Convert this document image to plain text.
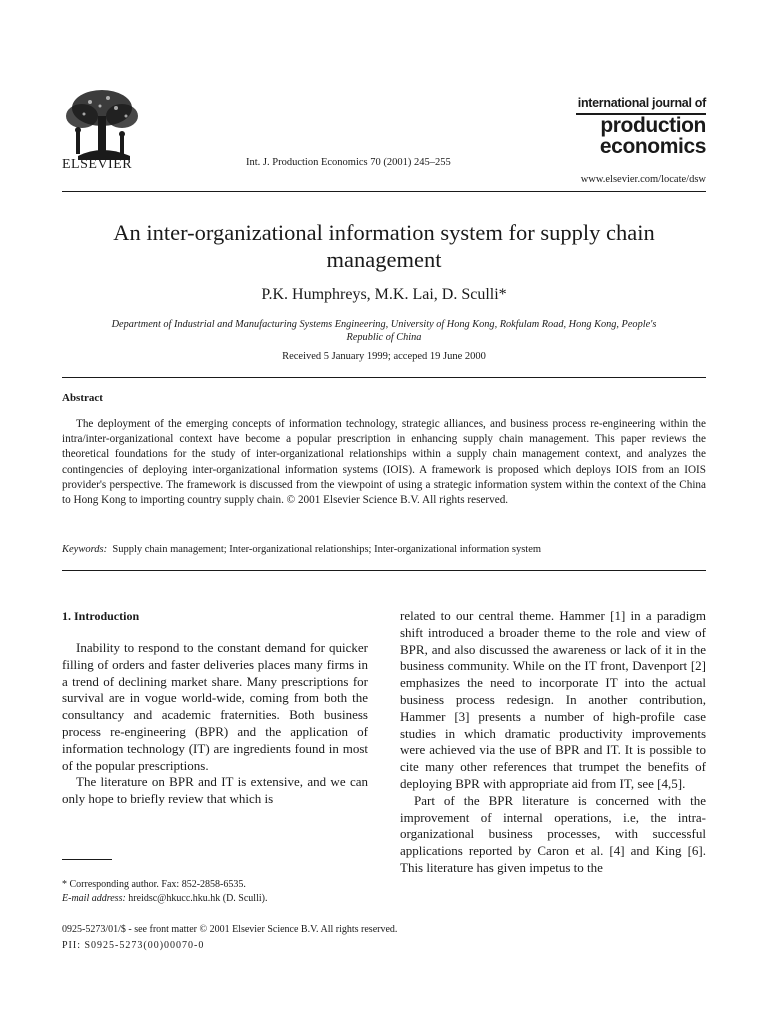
ELSEVIER	Int. J. Production Economics 70 (2001) 245–255
international journal of
production
economics
www.elsevier.com/locate/dsw
An inter-organizational information system for supply chain management
P.K. Humphreys, M.K. Lai, D. Sculli*
Department of Industrial and Manufacturing Systems Engineering, University of Hong Kong, Rokfulam Road, Hong Kong, People's Republic of China
Received 5 January 1999; acceped 19 June 2000
Abstract
The deployment of the emerging concepts of information technology, strategic alliances, and business process re-engineering within the intra/inter-organizational context have become a popular prescription in enhancing supply chain management. This paper reviews the theoretical foundations for the study of inter-organizational relationships within a supply chain management context, and analyzes the contingencies of deploying inter-organizational information systems (IOIS). A framework is proposed which deploys IOIS from an IOIS provider's perspective. The framework is discussed from the viewpoint of using a strategic information system within the context of the China to Hong Kong to importing country supply chain. © 2001 Elsevier Science B.V. All rights reserved.
Keywords: Supply chain management; Inter-organizational relationships; Inter-organizational information system
1. Introduction

Inability to respond to the constant demand for quicker filling of orders and faster deliveries places many firms in a trend of declining market share. Many prescriptions for survival are in vogue world-wide, coming from both the consultancy and academic fraternities. Both business process re-engineering (BPR) and the application of information technology (IT) are ingredients found in most of the popular prescriptions.

The literature on BPR and IT is extensive, and we can only hope to briefly review that which is

related to our central theme. Hammer [1] in a paradigm shift introduced a broader theme to the role and view of BPR, and also discussed the awareness or lack of it in the business community. While on the IT front, Davenport [2] emphasizes the need to incorporate IT into the actual business process redesign. In another contribution, Hammer [3] presents a number of high-profile case studies in which dramatic productivity improvements were achieved via the use of BPR and IT. It is possible to cite many other references that trumpet the benefits of deploying BPR with appropriate aid from IT, see [4,5].

Part of the BPR literature is concerned with the improvement of internal operations, i.e, the intra-organizational business processes, with successful applications reported by Caron et al. [4] and King [6]. This literature has given impetus to the

* Corresponding author. Fax: 852-2858-6535.
E-mail address: hreidsc@hkucc.hku.hk (D. Sculli).
0925-5273/01/$ - see front matter © 2001 Elsevier Science B.V. All rights reserved.
PII: S0925-5273(00)00070-0
